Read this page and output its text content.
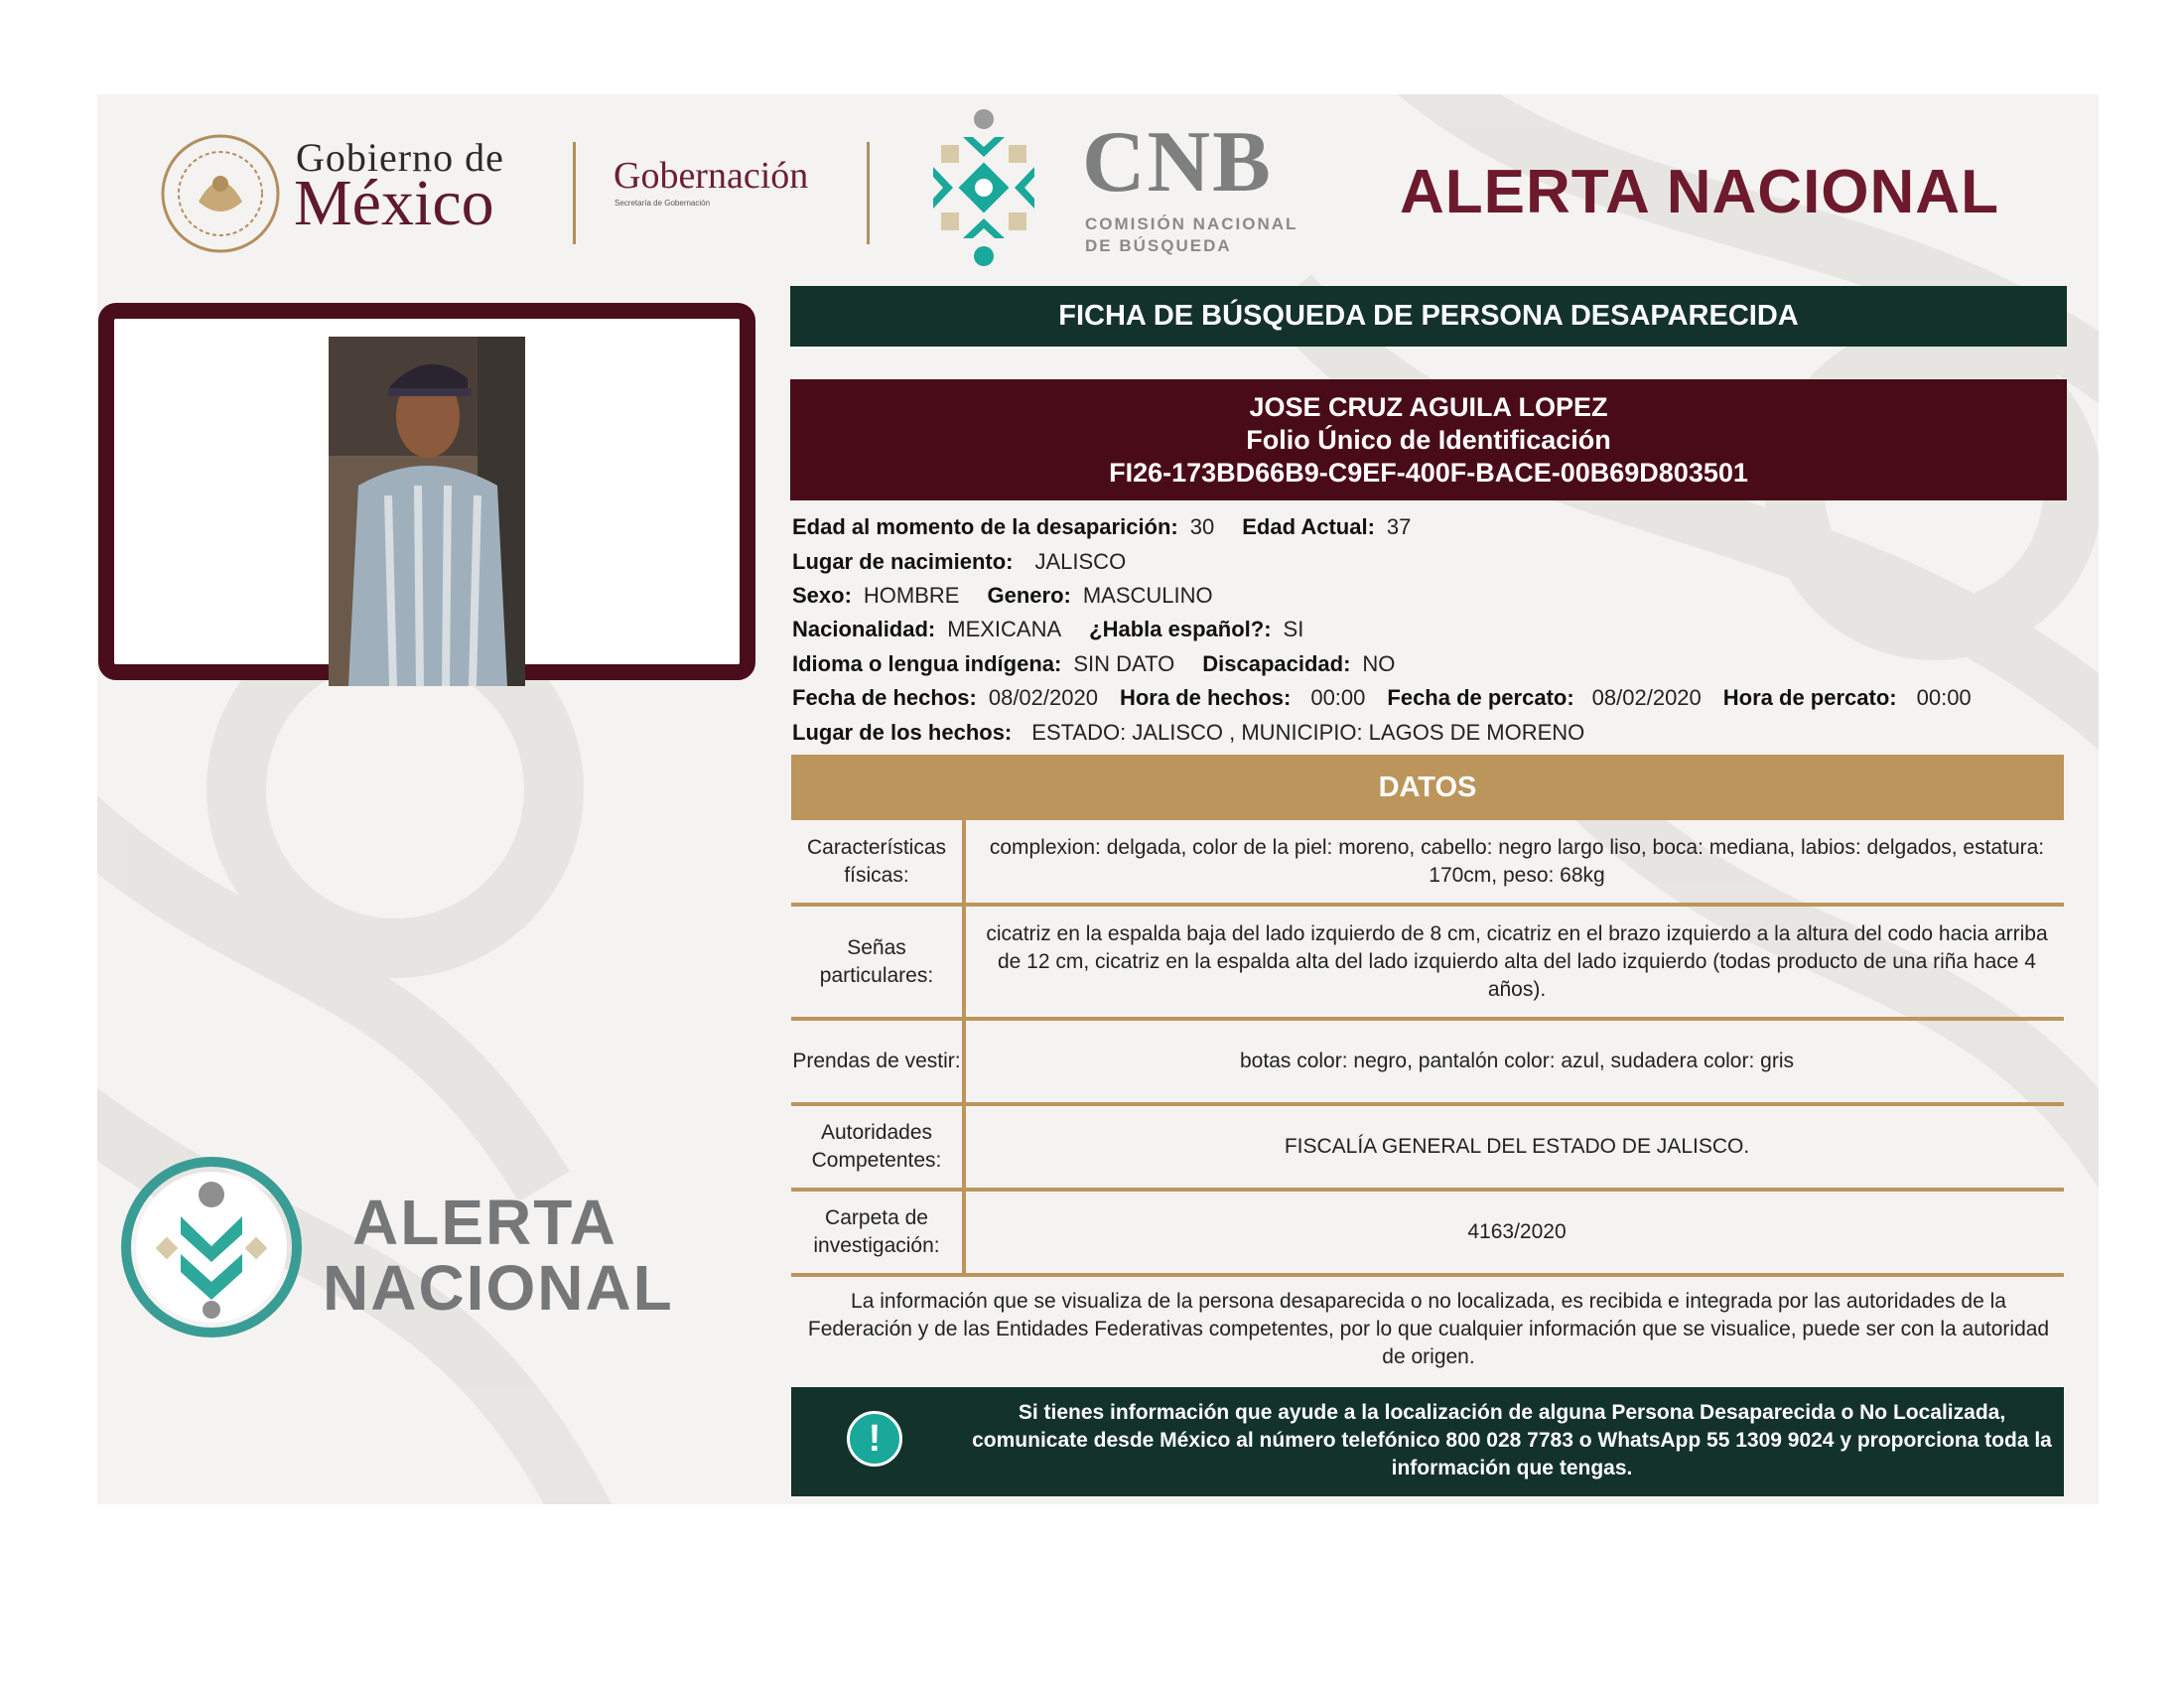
Gobierno de
México	Gobernación
Secretaría de Gobernación	CNB
COMISIÓN NACIONAL
DE BÚSQUEDA
ALERTA NACIONAL
FICHA DE BÚSQUEDA DE PERSONA DESAPARECIDA
JOSE CRUZ AGUILA LOPEZ
Folio Único de Identificación
FI26-173BD66B9-C9EF-400F-BACE-00B69D803501
Edad al momento de la desaparición: 30 Edad Actual: 37
Lugar de nacimiento: JALISCO
Sexo: HOMBRE Genero: MASCULINO
Nacionalidad: MEXICANA ¿Habla español?: SI
Idioma o lengua indígena: SIN DATO Discapacidad: NO
Fecha de hechos: 08/02/2020 Hora de hechos: 00:00 Fecha de percato: 08/02/2020 Hora de percato: 00:00
Lugar de los hechos: ESTADO: JALISCO , MUNICIPIO: LAGOS DE MORENO
DATOS
Características físicas:
complexion: delgada, color de la piel: moreno, cabello: negro largo liso, boca: mediana, labios: delgados, estatura: 170cm, peso: 68kg
Señas particulares:
cicatriz en la espalda baja del lado izquierdo de 8 cm, cicatriz en el brazo izquierdo a la altura del codo hacia arriba de 12 cm, cicatriz en la espalda alta del lado izquierdo alta del lado izquierdo (todas producto de una riña hace 4 años).
Prendas de vestir:	botas color: negro, pantalón color: azul, sudadera color: gris
Autoridades Competentes:
FISCALÍA GENERAL DEL ESTADO DE JALISCO.
Carpeta de investigación:
4163/2020
La información que se visualiza de la persona desaparecida o no localizada, es recibida e integrada por las autoridades de la Federación y de las Entidades Federativas competentes, por lo que cualquier información que se visualice, puede ser con la autoridad de origen.
!
Si tienes información que ayude a la localización de alguna Persona Desaparecida o No Localizada, comunicate desde México al número telefónico 800 028 7783 o WhatsApp 55 1309 9024 y proporciona toda la información que tengas.
ALERTA
NACIONAL
